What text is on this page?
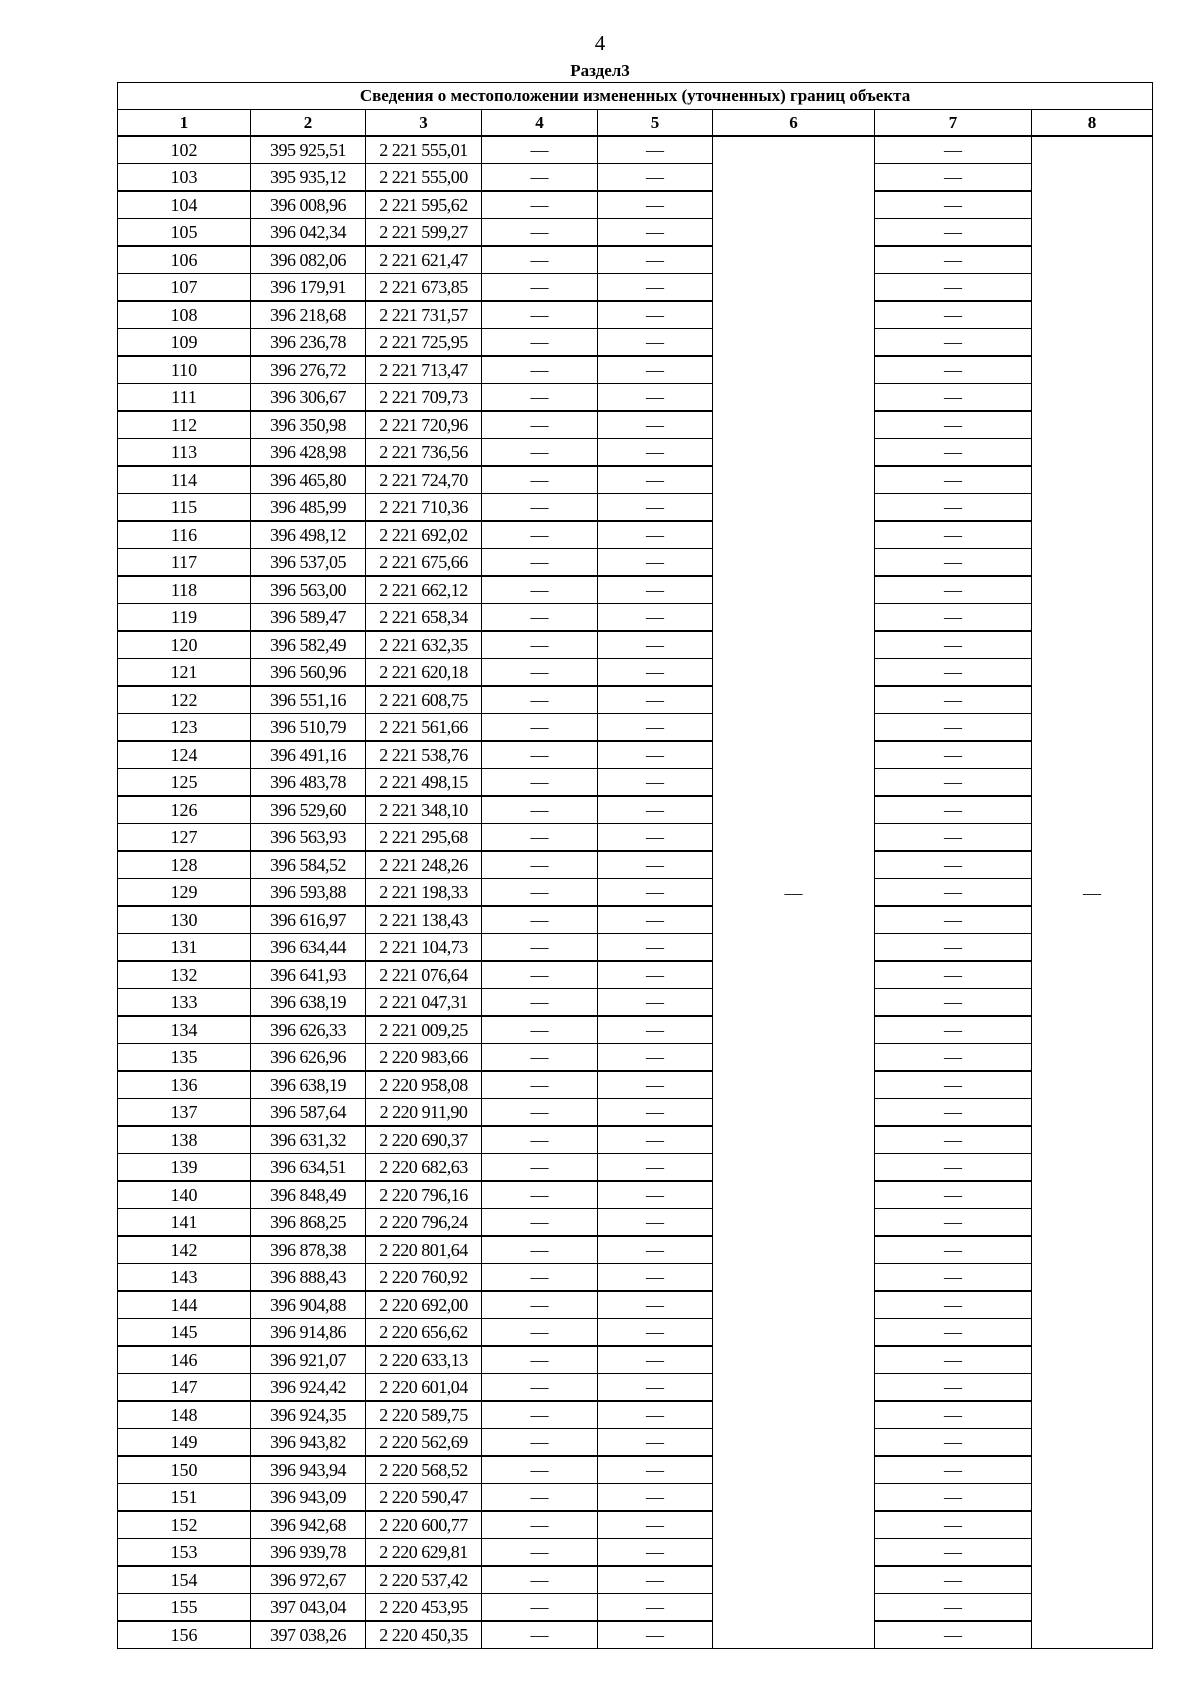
4
Раздел3
Сведения о местоположении измененных (уточненных) границ объекта							
1	2	3	4	5	6	7	8
102	395 925,51	2 221 555,01	—	—	—	—	—
103	395 935,12	2 221 555,00	—	—		—	
104	396 008,96	2 221 595,62	—	—		—	
105	396 042,34	2 221 599,27	—	—		—	
106	396 082,06	2 221 621,47	—	—		—	
107	396 179,91	2 221 673,85	—	—		—	
108	396 218,68	2 221 731,57	—	—		—	
109	396 236,78	2 221 725,95	—	—		—	
110	396 276,72	2 221 713,47	—	—		—	
111	396 306,67	2 221 709,73	—	—		—	
112	396 350,98	2 221 720,96	—	—		—	
113	396 428,98	2 221 736,56	—	—		—	
114	396 465,80	2 221 724,70	—	—		—	
115	396 485,99	2 221 710,36	—	—		—	
116	396 498,12	2 221 692,02	—	—		—	
117	396 537,05	2 221 675,66	—	—		—	
118	396 563,00	2 221 662,12	—	—		—	
119	396 589,47	2 221 658,34	—	—		—	
120	396 582,49	2 221 632,35	—	—		—	
121	396 560,96	2 221 620,18	—	—		—	
122	396 551,16	2 221 608,75	—	—		—	
123	396 510,79	2 221 561,66	—	—		—	
124	396 491,16	2 221 538,76	—	—		—	
125	396 483,78	2 221 498,15	—	—		—	
126	396 529,60	2 221 348,10	—	—		—	
127	396 563,93	2 221 295,68	—	—		—	
128	396 584,52	2 221 248,26	—	—		—	
129	396 593,88	2 221 198,33	—	—		—	
130	396 616,97	2 221 138,43	—	—		—	
131	396 634,44	2 221 104,73	—	—		—	
132	396 641,93	2 221 076,64	—	—		—	
133	396 638,19	2 221 047,31	—	—		—	
134	396 626,33	2 221 009,25	—	—		—	
135	396 626,96	2 220 983,66	—	—		—	
136	396 638,19	2 220 958,08	—	—		—	
137	396 587,64	2 220 911,90	—	—		—	
138	396 631,32	2 220 690,37	—	—		—	
139	396 634,51	2 220 682,63	—	—		—	
140	396 848,49	2 220 796,16	—	—		—	
141	396 868,25	2 220 796,24	—	—		—	
142	396 878,38	2 220 801,64	—	—		—	
143	396 888,43	2 220 760,92	—	—		—	
144	396 904,88	2 220 692,00	—	—		—	
145	396 914,86	2 220 656,62	—	—		—	
146	396 921,07	2 220 633,13	—	—		—	
147	396 924,42	2 220 601,04	—	—		—	
148	396 924,35	2 220 589,75	—	—		—	
149	396 943,82	2 220 562,69	—	—		—	
150	396 943,94	2 220 568,52	—	—		—	
151	396 943,09	2 220 590,47	—	—		—	
152	396 942,68	2 220 600,77	—	—		—	
153	396 939,78	2 220 629,81	—	—		—	
154	396 972,67	2 220 537,42	—	—		—	
155	397 043,04	2 220 453,95	—	—		—	
156	397 038,26	2 220 450,35	—	—		—	
